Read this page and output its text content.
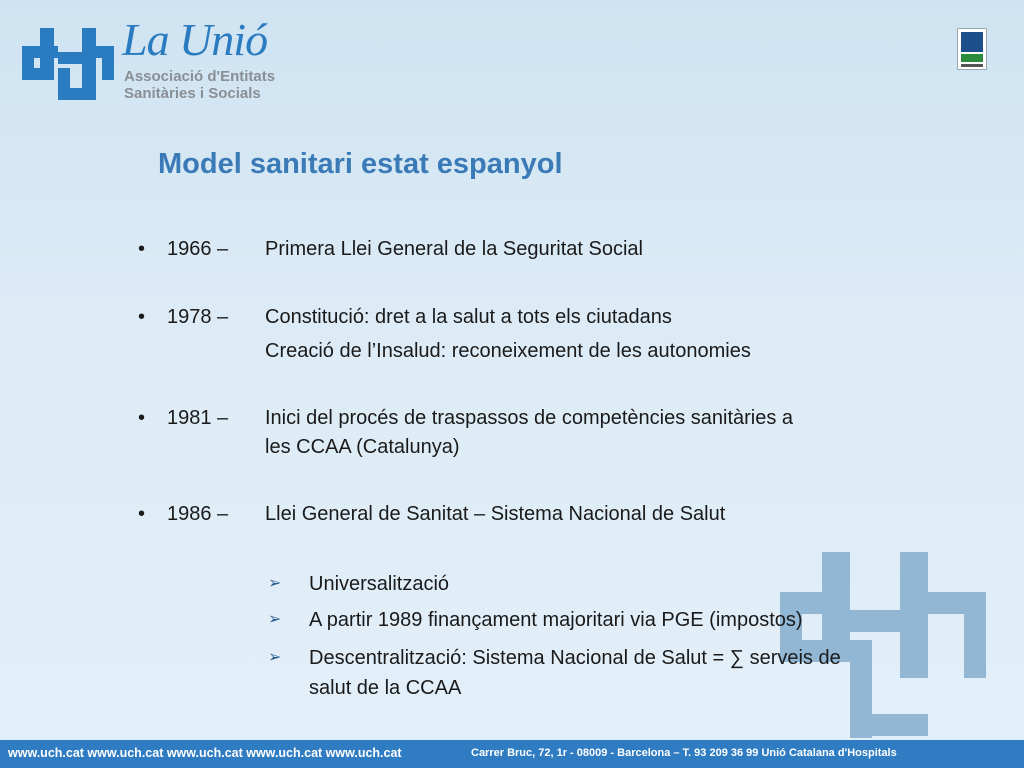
La Unió
Associació d'Entitats
Sanitàries i Socials
Model sanitari estat espanyol
• 1966 – Primera Llei General de la Seguritat Social
• 1978 – Constitució: dret a la salut a tots els ciutadans
Creació de l’Insalud: reconeixement de les autonomies
• 1981 – Inici del procés de traspassos de competències sanitàries a
les CCAA (Catalunya)
• 1986 – Llei General de Sanitat – Sistema Nacional de Salut
➢ Universalització
➢ A partir 1989 finançament majoritari via PGE (impostos)
➢ Descentralització: Sistema Nacional de Salut = ∑ serveis de
salut de la CCAA
www.uch.cat www.uch.cat www.uch.cat www.uch.cat www.uch.cat	Carrer Bruc, 72, 1r - 08009 - Barcelona – T. 93 209 36 99 Unió Catalana d'Hospitals
